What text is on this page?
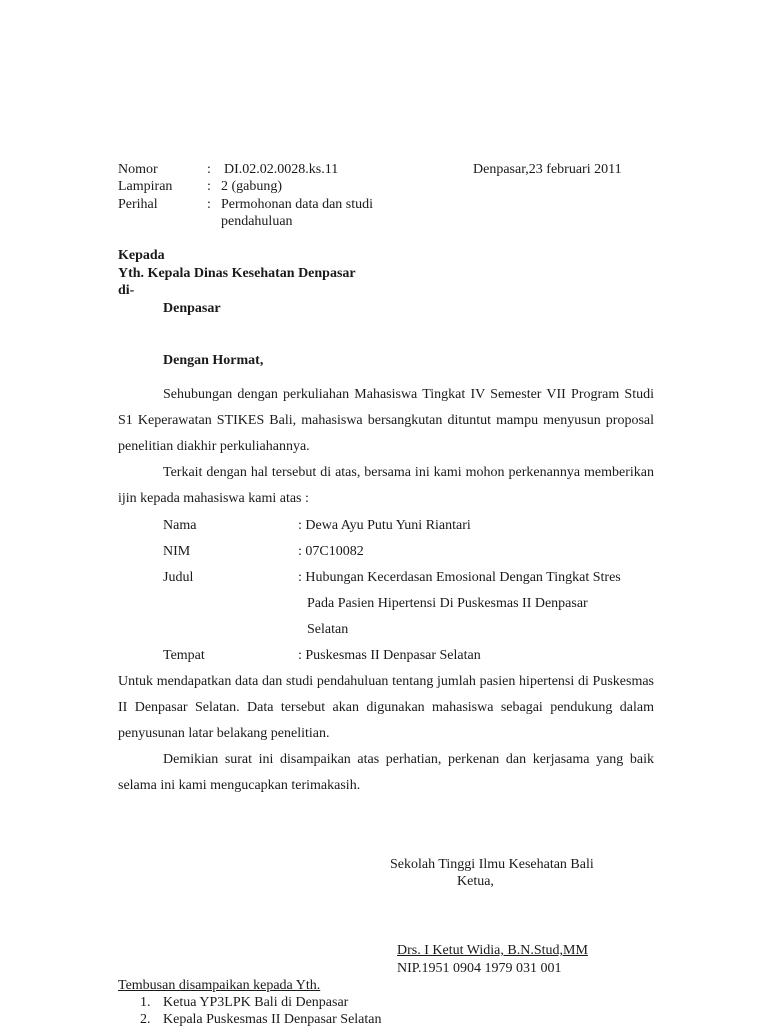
Nomor	: DI.02.02.0028.ks.11	Denpasar,23 februari 2011
Lampiran : 2 (gabung)
Perihal	: Permohonan data dan studi
pendahuluan
Kepada
Yth. Kepala Dinas Kesehatan Denpasar
di-
Denpasar
Dengan Hormat,
Sehubungan dengan perkuliahan Mahasiswa Tingkat IV Semester VII Program Studi S1 Keperawatan STIKES Bali, mahasiswa bersangkutan dituntut mampu menyusun proposal penelitian diakhir perkuliahannya.
Terkait dengan hal tersebut di atas, bersama ini kami mohon perkenannya memberikan ijin kepada mahasiswa kami atas :
Nama	: Dewa Ayu Putu Yuni Riantari
NIM	: 07C10082
Judul	: Hubungan Kecerdasan Emosional Dengan Tingkat Stres
Pada Pasien Hipertensi Di Puskesmas II Denpasar
Selatan
Tempat	: Puskesmas II Denpasar Selatan
Untuk mendapatkan data dan studi pendahuluan tentang jumlah pasien hipertensi di Puskesmas II Denpasar Selatan. Data tersebut akan digunakan mahasiswa sebagai pendukung dalam penyusunan latar belakang penelitian.
Demikian surat ini disampaikan atas perhatian, perkenan dan kerjasama yang baik selama ini kami mengucapkan terimakasih.
Sekolah Tinggi Ilmu Kesehatan Bali
Ketua,
Drs. I Ketut Widia, B.N.Stud,MM
NIP.1951 0904 1979 031 001
Tembusan disampaikan kepada Yth.
1. Ketua YP3LPK Bali di Denpasar
2. Kepala Puskesmas II Denpasar Selatan
